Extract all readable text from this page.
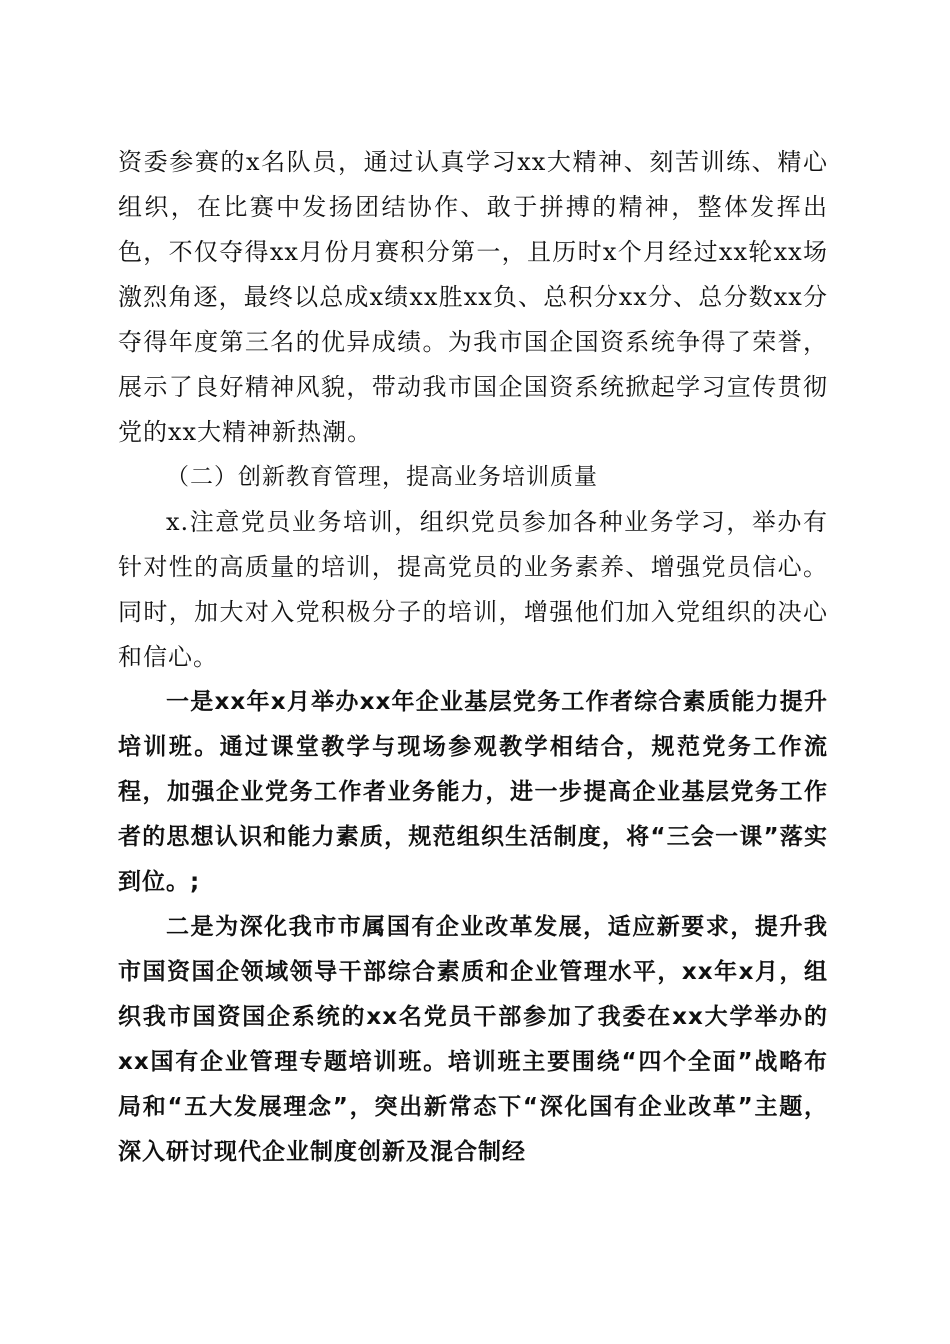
资委参赛的x名队员，通过认真学习xx大精神、刻苦训练、精心组织，在比赛中发扬团结协作、敢于拼搏的精神，整体发挥出色，不仅夺得xx月份月赛积分第一，且历时x个月经过xx轮xx场激烈角逐，最终以总成x绩xx胜xx负、总积分xx分、总分数xx分夺得年度第三名的优异成绩。为我市国企国资系统争得了荣誉，展示了良好精神风貌，带动我市国企国资系统掀起学习宣传贯彻党的xx大精神新热潮。

（二）创新教育管理，提高业务培训质量

x.注意党员业务培训，组织党员参加各种业务学习，举办有针对性的高质量的培训，提高党员的业务素养、增强党员信心。同时，加大对入党积极分子的培训，增强他们加入党组织的决心和信心。

一是xx年x月举办xx年企业基层党务工作者综合素质能力提升培训班。通过课堂教学与现场参观教学相结合，规范党务工作流程，加强企业党务工作者业务能力，进一步提高企业基层党务工作者的思想认识和能力素质，规范组织生活制度，将“三会一课”落实到位。;

二是为深化我市市属国有企业改革发展，适应新要求，提升我市国资国企领域领导干部综合素质和企业管理水平，xx年x月，组织我市国资国企系统的xx名党员干部参加了我委在xx大学举办的xx国有企业管理专题培训班。培训班主要围绕“四个全面”战略布局和“五大发展理念”，突出新常态下“深化国有企业改革”主题，深入研讨现代企业制度创新及混合制经
